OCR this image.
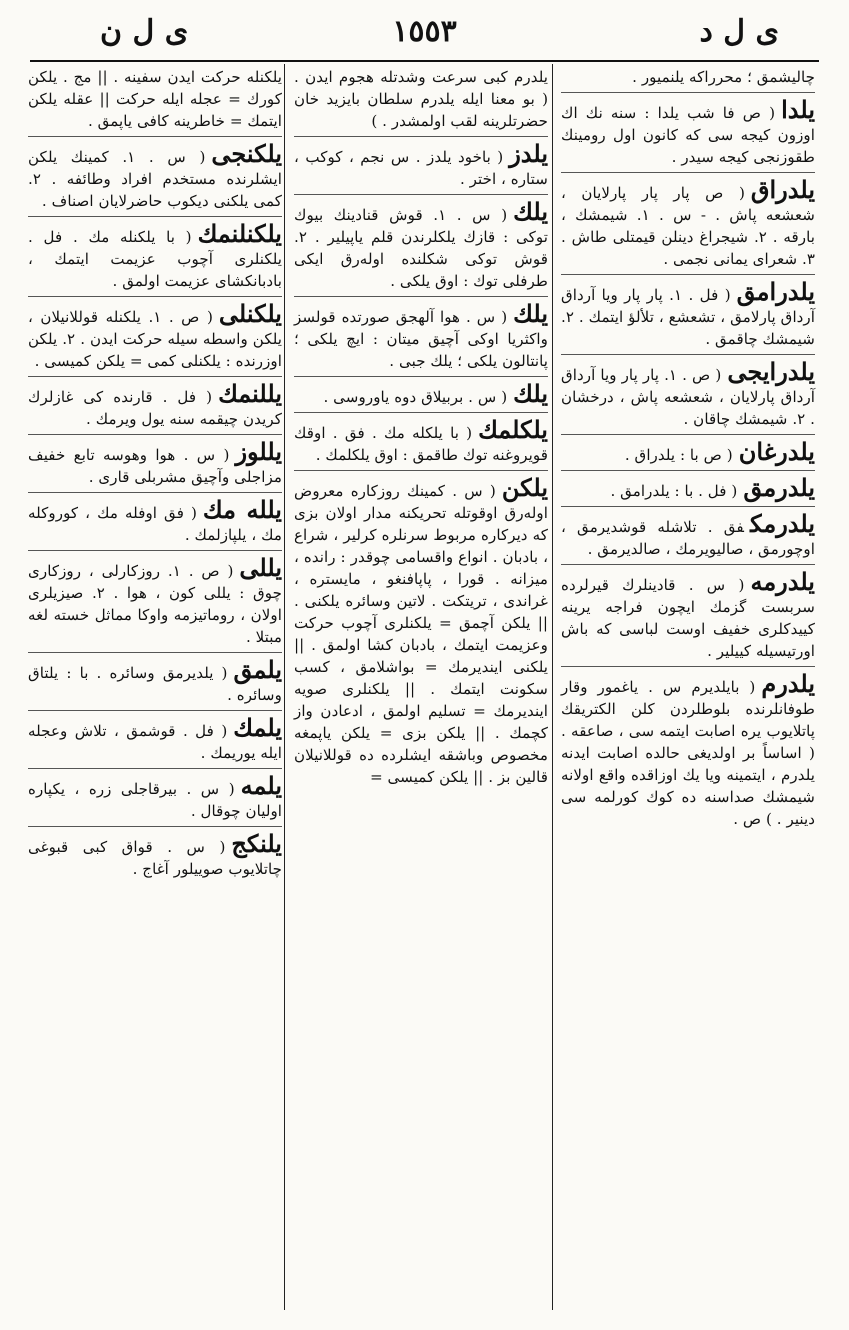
ی ل د
١٥٥٣
ی ل ن
چالیشمق ؛ محرراكه یلنمیور .
یلدا( ص فا شب یلدا : سنه نك اك اوزون كیجه سی كه كانون اول رومینك طقوزنجی كیجه سیدر .
یلدراق( ص پار پار پارلایان ، شعشعه پاش . - س . ١. شیمشك ، بارقه . ٢. شیجراغ دینلن قیمتلی طاش . ٣. شعرای یمانی نجمی .
یلدرامق( فل . ١. پار پار ویا آرداق آرداق پارلامق ، تشعشع ، تلألؤ ایتمك . ٢. شیمشك چاقمق .
یلدرایجی( ص . ١. پار پار ویا آرداق آرداق پارلایان ، شعشعه پاش ، درخشان . ٢. شیمشك چاقان .
یلدرغان( ص با : یلدراق .
یلدرمق( فل . با : یلدرامق .
یلدرمكفق . تلاشله قوشدیرمق ، اوچورمق ، صالیویرمك ، صالدیرمق .
یلدرمه( س . قادینلرك قیرلرده سربست گزمك ایچون فراجه یرینه كییدكلری خفیف اوست لباسی كه باش اورتیسیله كییلیر .
یلدرم( بایلدیرم س . یاغمور وقار طوفانلرنده بلوطلردن كلن الكتریقك پاتلایوب یره اصابت ایتمه سی ، صاعقه . ( اساساً بر اولدیغی حالده اصابت ایدنه یلدرم ، ایتمینه ویا یك اوزاقده واقع اولانه شیمشك صداسنه ده كوك كورلمه سی دینیر . ) ص .
یلدرم كبی سرعت وشدتله هجوم ایدن . ( بو معنا ایله یلدرم سلطان بایزید خان حضرتلرینه لقب اولمشدر . )
یلدز( باخود یلدز . س نجم ، كوكب ، ستاره ، اختر .
یلك( س . ١. قوش قنادینك بیوك توكی : قازك یلكلرندن قلم یاپیلیر . ٢. قوش توكی شكلنده اولەرق ایكی طرفلی توك : اوق یلكی .
یلك( س . هوا آلهجق صورتده قولسز واكثریا اوكی آچیق میتان : ایچ یلكی ؛ پانتالون یلكی ؛ یلك جبی .
یلك( س . بربیلاق دوه یاوروسی .
یلكلمك( با یلكله مك . فق . اوقك قویروغنه توك طاقمق : اوق یلكلمك .
یلكن( س . كمینك روزكاره معروض اولەرق اوقوتله تحریكنه مدار اولان بزی كه دیركاره مربوط سرنلره كرلیر ، شراع ، بادبان . انواع واقسامی چوقدر : رانده ، میزانه . قورا ، پاپافنغو ، مایستره ، غراندی ، تریتكت . لاتین وسائره یلكنی . || یلكن آچمق = یلكنلری آچوب حركت وعزیمت ایتمك ، بادبان كشا اولمق . || یلكنی ایندیرمك = بواشلامق ، كسب سكونت ایتمك . || یلكنلری صویه ایندیرمك = تسلیم اولمق ، ادعادن واز كچمك . || یلكن بزی = یلكن یاپمغه مخصوص وباشقه ایشلرده ده قوللانیلان قالین بز . || یلكن كمیسی =
یلكنله حركت ایدن سفینه . || مج . یلكن كورك = عجله ایله حركت || عقله یلكن ایتمك = خاطرینه كافی یاپمق .
یلكنجی( س . ١. كمینك یلكن ایشلرنده مستخدم افراد وطائفه . ٢. كمی یلكنی دیكوب حاضرلایان اصناف .
یلكنلنمك( با یلكنله مك . فل . یلكنلری آچوب عزیمت ایتمك ، بادبانكشای عزیمت اولمق .
یلكنلی( ص . ١. یلكنله قوللانیلان ، یلكن واسطه سیله حركت ایدن . ٢. یلكن اوزرنده : یلكنلی كمی = یلكن كمیسی .
یللنمك( فل . قارنده كی غازلرك كریدن چیقمه سنه یول ویرمك .
یللوز( س . هوا وهوسه تابع خفیف مزاجلی وآچیق مشربلی قاری .
یلله مك( فق اوفله مك ، كوروكله مك ، یلپازلمك .
یللی( ص . ١. روزكارلی ، روزكاری چوق : یللی كون ، هوا . ٢. صیزیلری اولان ، روماتیزمه واوكا مماثل خسته لغه مبتلا .
یلمق( یلدیرمق وسائره . با : یلتاق وسائره .
یلمك( فل . قوشمق ، تلاش وعجله ایله یوریمك .
یلمه( س . بیرقاجلی زره ، یكپاره اولیان چوقال .
یلنكج( س . قواق كبی قبوغی چاتلایوب صوییلور آغاج .
